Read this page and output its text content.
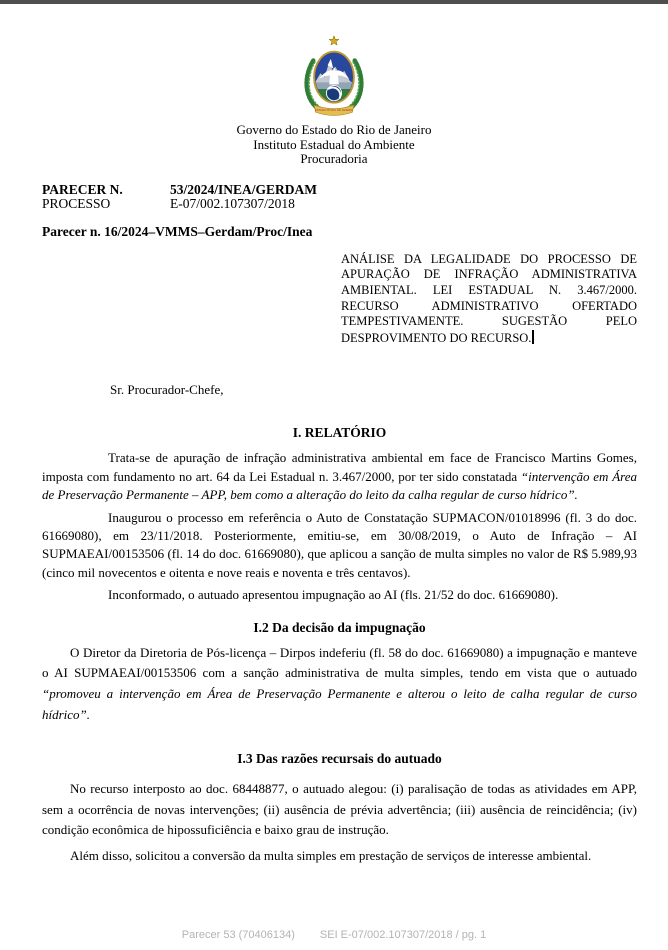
ESTADO DO RIO DE JANEIRO
Governo do Estado do Rio de Janeiro
Instituto Estadual do Ambiente
Procuradoria
PARECER N.	53/2024/INEA/GERDAM
PROCESSO	E-07/002.107307/2018
Parecer n. 16/2024–VMMS–Gerdam/Proc/Inea
ANÁLISE DA LEGALIDADE DO PROCESSO DE APURAÇÃO DE INFRAÇÃO ADMINISTRATIVA AMBIENTAL. LEI ESTADUAL N. 3.467/2000. RECURSO ADMINISTRATIVO OFERTADO TEMPESTIVAMENTE. SUGESTÃO PELO DESPROVIMENTO DO RECURSO.
Sr. Procurador-Chefe,
I. RELATÓRIO

Trata-se de apuração de infração administrativa ambiental em face de Francisco Martins Gomes, imposta com fundamento no art. 64 da Lei Estadual n. 3.467/2000, por ter sido constatada “intervenção em Área de Preservação Permanente – APP, bem como a alteração do leito da calha regular de curso hídrico”.

Inaugurou o processo em referência o Auto de Constatação SUPMACON/01018996 (fl. 3 do doc. 61669080), em 23/11/2018. Posteriormente, emitiu-se, em 30/08/2019, o Auto de Infração – AI SUPMAEAI/00153506 (fl. 14 do doc. 61669080), que aplicou a sanção de multa simples no valor de R$ 5.989,93 (cinco mil novecentos e oitenta e nove reais e noventa e três centavos).

Inconformado, o autuado apresentou impugnação ao AI (fls. 21/52 do doc. 61669080).

I.2 Da decisão da impugnação

O Diretor da Diretoria de Pós-licença – Dirpos indeferiu (fl. 58 do doc. 61669080) a impugnação e manteve o AI SUPMAEAI/00153506 com a sanção administrativa de multa simples, tendo em vista que o autuado “promoveu a intervenção em Área de Preservação Permanente e alterou o leito de calha regular de curso hídrico”.

I.3 Das razões recursais do autuado

No recurso interposto ao doc. 68448877, o autuado alegou: (i) paralisação de todas as atividades em APP, sem a ocorrência de novas intervenções; (ii) ausência de prévia advertência; (iii) ausência de reincidência; (iv) condição econômica de hipossuficiência e baixo grau de instrução.

Além disso, solicitou a conversão da multa simples em prestação de serviços de interesse ambiental.

Parecer 53 (70406134) SEI E-07/002.107307/2018 / pg. 1
